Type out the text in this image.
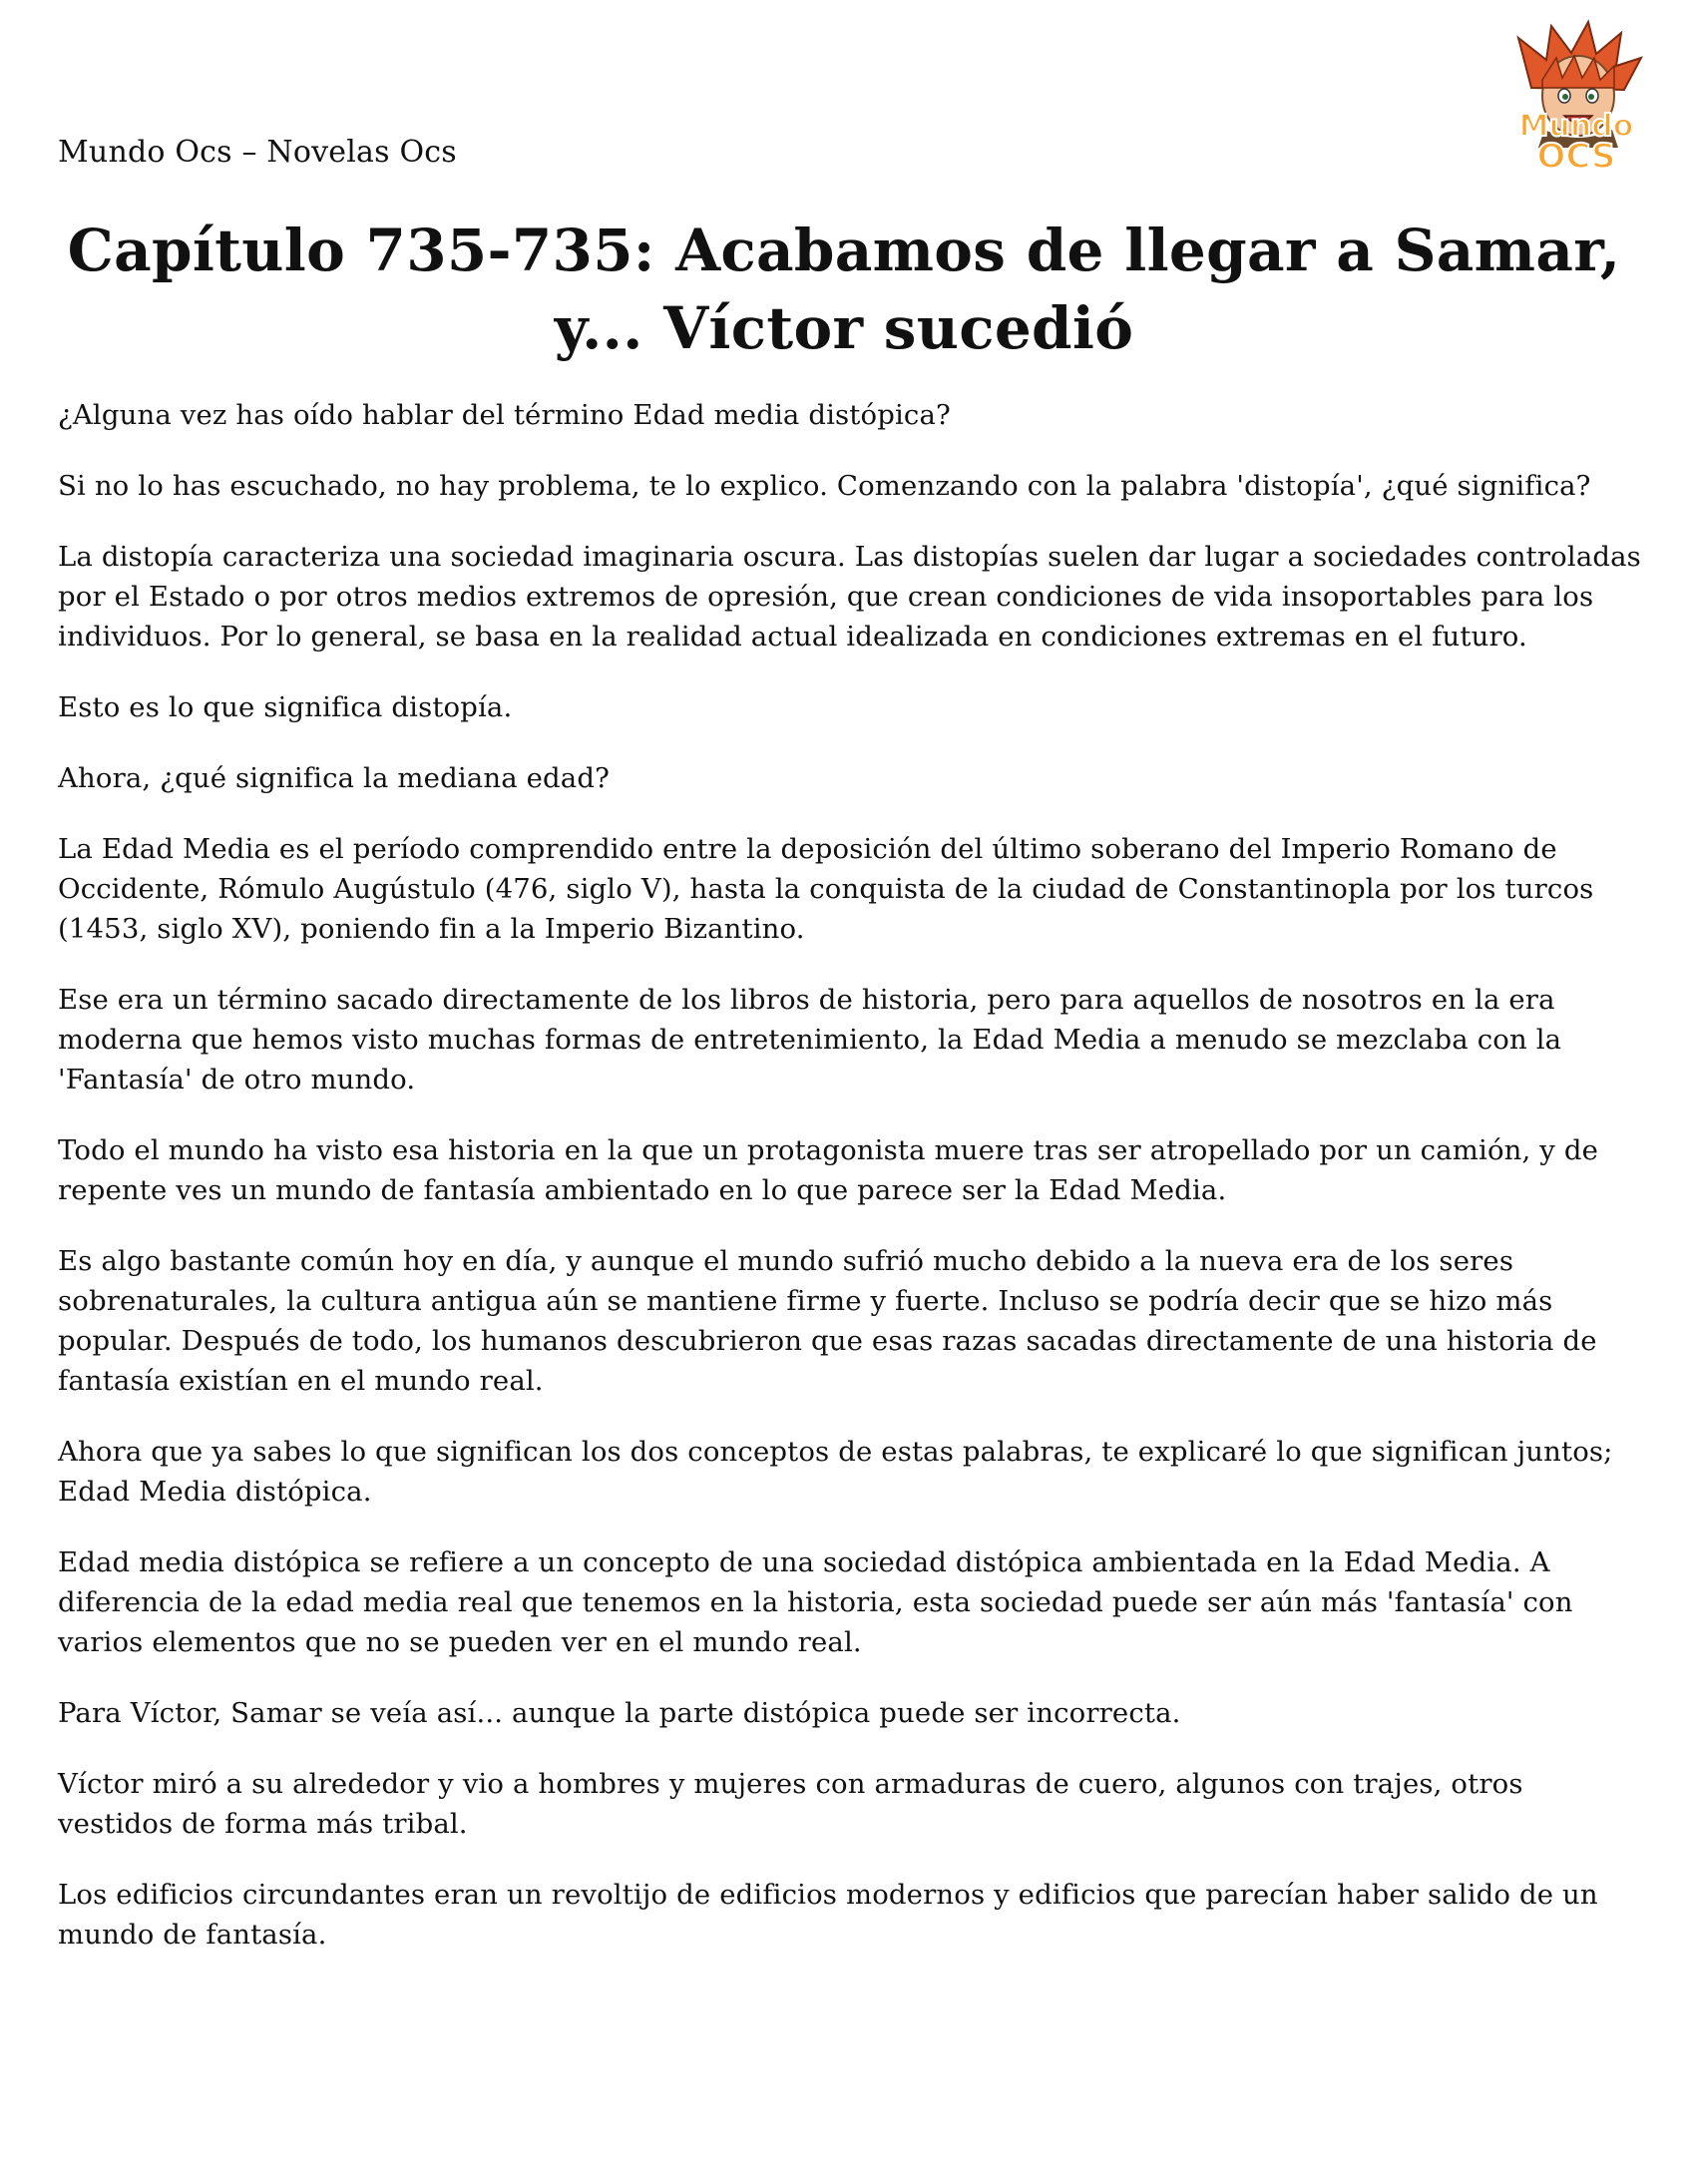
Mundo Ocs – Novelas Ocs
Mundo
OCS
Capítulo 735-735: Acabamos de llegar a Samar, y... Víctor sucedió

¿Alguna vez has oído hablar del término Edad media distópica?

Si no lo has escuchado, no hay problema, te lo explico. Comenzando con la palabra 'distopía', ¿qué significa?

La distopía caracteriza una sociedad imaginaria oscura. Las distopías suelen dar lugar a sociedades controladas por el Estado o por otros medios extremos de opresión, que crean condiciones de vida insoportables para los individuos. Por lo general, se basa en la realidad actual idealizada en condiciones extremas en el futuro.

Esto es lo que significa distopía.

Ahora, ¿qué significa la mediana edad?

La Edad Media es el período comprendido entre la deposición del último soberano del Imperio Romano de Occidente, Rómulo Augústulo (476, siglo V), hasta la conquista de la ciudad de Constantinopla por los turcos (1453, siglo XV), poniendo fin a la Imperio Bizantino.

Ese era un término sacado directamente de los libros de historia, pero para aquellos de nosotros en la era moderna que hemos visto muchas formas de entretenimiento, la Edad Media a menudo se mezclaba con la 'Fantasía' de otro mundo.

Todo el mundo ha visto esa historia en la que un protagonista muere tras ser atropellado por un camión, y de repente ves un mundo de fantasía ambientado en lo que parece ser la Edad Media.

Es algo bastante común hoy en día, y aunque el mundo sufrió mucho debido a la nueva era de los seres sobrenaturales, la cultura antigua aún se mantiene firme y fuerte. Incluso se podría decir que se hizo más popular. Después de todo, los humanos descubrieron que esas razas sacadas directamente de una historia de fantasía existían en el mundo real.

Ahora que ya sabes lo que significan los dos conceptos de estas palabras, te explicaré lo que significan juntos; Edad Media distópica.

Edad media distópica se refiere a un concepto de una sociedad distópica ambientada en la Edad Media. A diferencia de la edad media real que tenemos en la historia, esta sociedad puede ser aún más 'fantasía' con varios elementos que no se pueden ver en el mundo real.

Para Víctor, Samar se veía así... aunque la parte distópica puede ser incorrecta.

Víctor miró a su alrededor y vio a hombres y mujeres con armaduras de cuero, algunos con trajes, otros vestidos de forma más tribal.

Los edificios circundantes eran un revoltijo de edificios modernos y edificios que parecían haber salido de un mundo de fantasía.
